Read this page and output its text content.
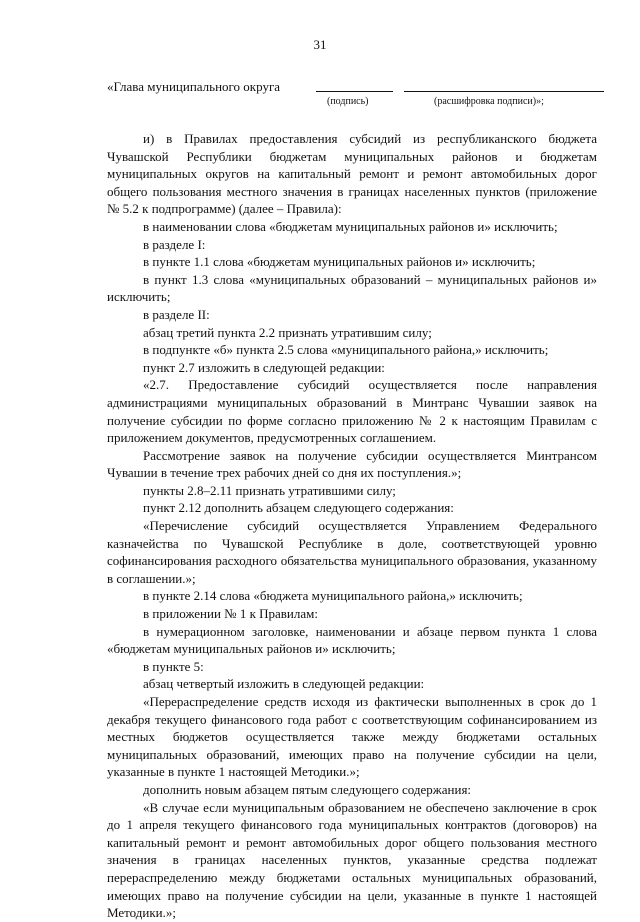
31
«Глава муниципального округа
(подпись)	(расшифровка подписи)»;

и) в Правилах предоставления субсидий из республиканского бюджета Чувашской Республики бюджетам муниципальных районов и бюджетам муниципальных округов на капитальный ремонт и ремонт автомобильных дорог общего пользования местного значения в границах населенных пунктов (приложение № 5.2 к подпрограмме) (далее – Правила):

в наименовании слова «бюджетам муниципальных районов и» исключить;

в разделе I:

в пункте 1.1 слова «бюджетам муниципальных районов и» исключить;

в пункт 1.3 слова «муниципальных образований – муниципальных районов и» исключить;

в разделе II:

абзац третий пункта 2.2 признать утратившим силу;

в подпункте «б» пункта 2.5 слова «муниципального района,» исключить;

пункт 2.7 изложить в следующей редакции:

«2.7. Предоставление субсидий осуществляется после направления администрациями муниципальных образований в Минтранс Чувашии заявок на получение субсидии по форме согласно приложению № 2 к настоящим Правилам с приложением документов, предусмотренных соглашением.

Рассмотрение заявок на получение субсидии осуществляется Минтрансом Чувашии в течение трех рабочих дней со дня их поступления.»;

пункты 2.8–2.11 признать утратившими силу;

пункт 2.12 дополнить абзацем следующего содержания:

«Перечисление субсидий осуществляется Управлением Федерального казначейства по Чувашской Республике в доле, соответствующей уровню софинансирования расходного обязательства муниципального образования, указанному в соглашении.»;

в пункте 2.14 слова «бюджета муниципального района,» исключить;

в приложении № 1 к Правилам:

в нумерационном заголовке, наименовании и абзаце первом пункта 1 слова «бюджетам муниципальных районов и» исключить;

в пункте 5:

абзац четвертый изложить в следующей редакции:

«Перераспределение средств исходя из фактически выполненных в срок до 1 декабря текущего финансового года работ с соответствующим софинансированием из местных бюджетов осуществляется также между бюджетами остальных муниципальных образований, имеющих право на получение субсидии на цели, указанные в пункте 1 настоящей Методики.»;

дополнить новым абзацем пятым следующего содержания:

«В случае если муниципальным образованием не обеспечено заключение в срок до 1 апреля текущего финансового года муниципальных контрактов (договоров) на капитальный ремонт и ремонт автомобильных дорог общего пользования местного значения в границах населенных пунктов, указанные средства подлежат перераспределению между бюджетами остальных муниципальных образований, имеющих право на получение субсидии на цели, указанные в пункте 1 настоящей Методики.»;
